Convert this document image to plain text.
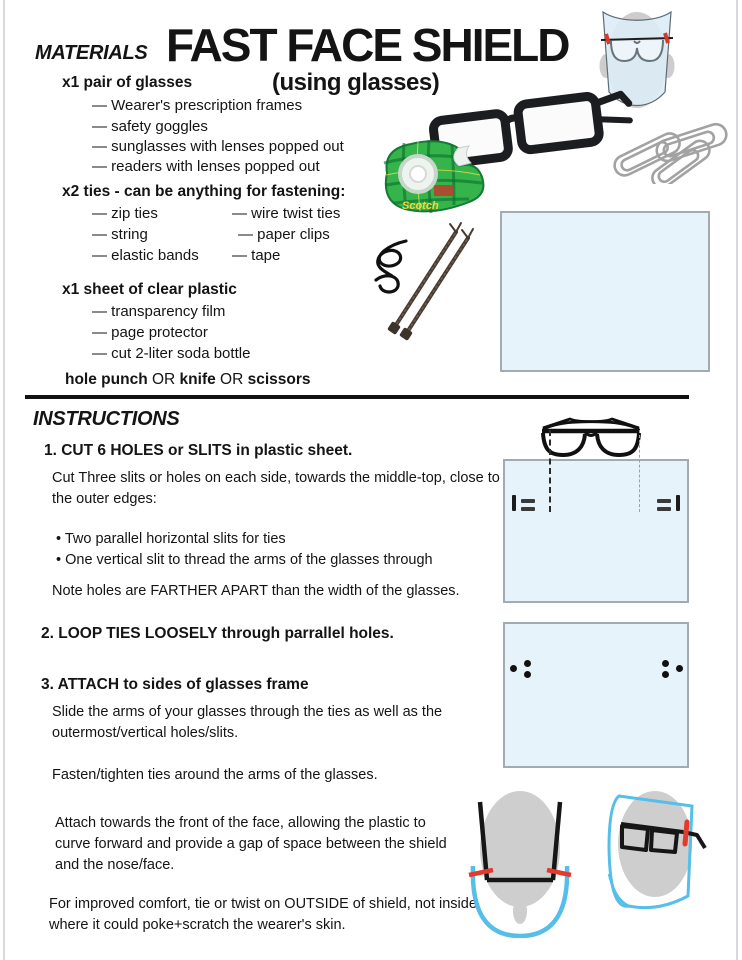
MATERIALS FAST FACE SHIELD
(using glasses)
x1 pair of glasses
— Wearer's prescription frames
— safety goggles
— sunglasses with lenses popped out
— readers with lenses popped out
x2 ties - can be anything for fastening:
— zip ties
— string
— elastic bands
— wire twist ties
— paper clips
— tape
x1 sheet of clear plastic
— transparency film
— page protector
— cut 2-liter soda bottle
hole punch OR knife OR scissors
Scotch
INSTRUCTIONS
1. CUT 6 HOLES or SLITS in plastic sheet.
Cut Three slits or holes on each side, towards the middle-top, close to the outer edges:
• Two parallel horizontal slits for ties
• One vertical slit to thread the arms of the glasses through
Note holes are FARTHER APART than the width of the glasses.
2. LOOP TIES LOOSELY through parrallel holes.
3. ATTACH to sides of glasses frame
Slide the arms of your glasses through the ties as well as the outermost/vertical holes/slits.
Fasten/tighten ties around the arms of the glasses.
Attach towards the front of the face, allowing the plastic to curve forward and provide a gap of space between the shield and the nose/face.
For improved comfort, tie or twist on OUTSIDE of shield, not inside where it could poke+scratch the wearer's skin.
